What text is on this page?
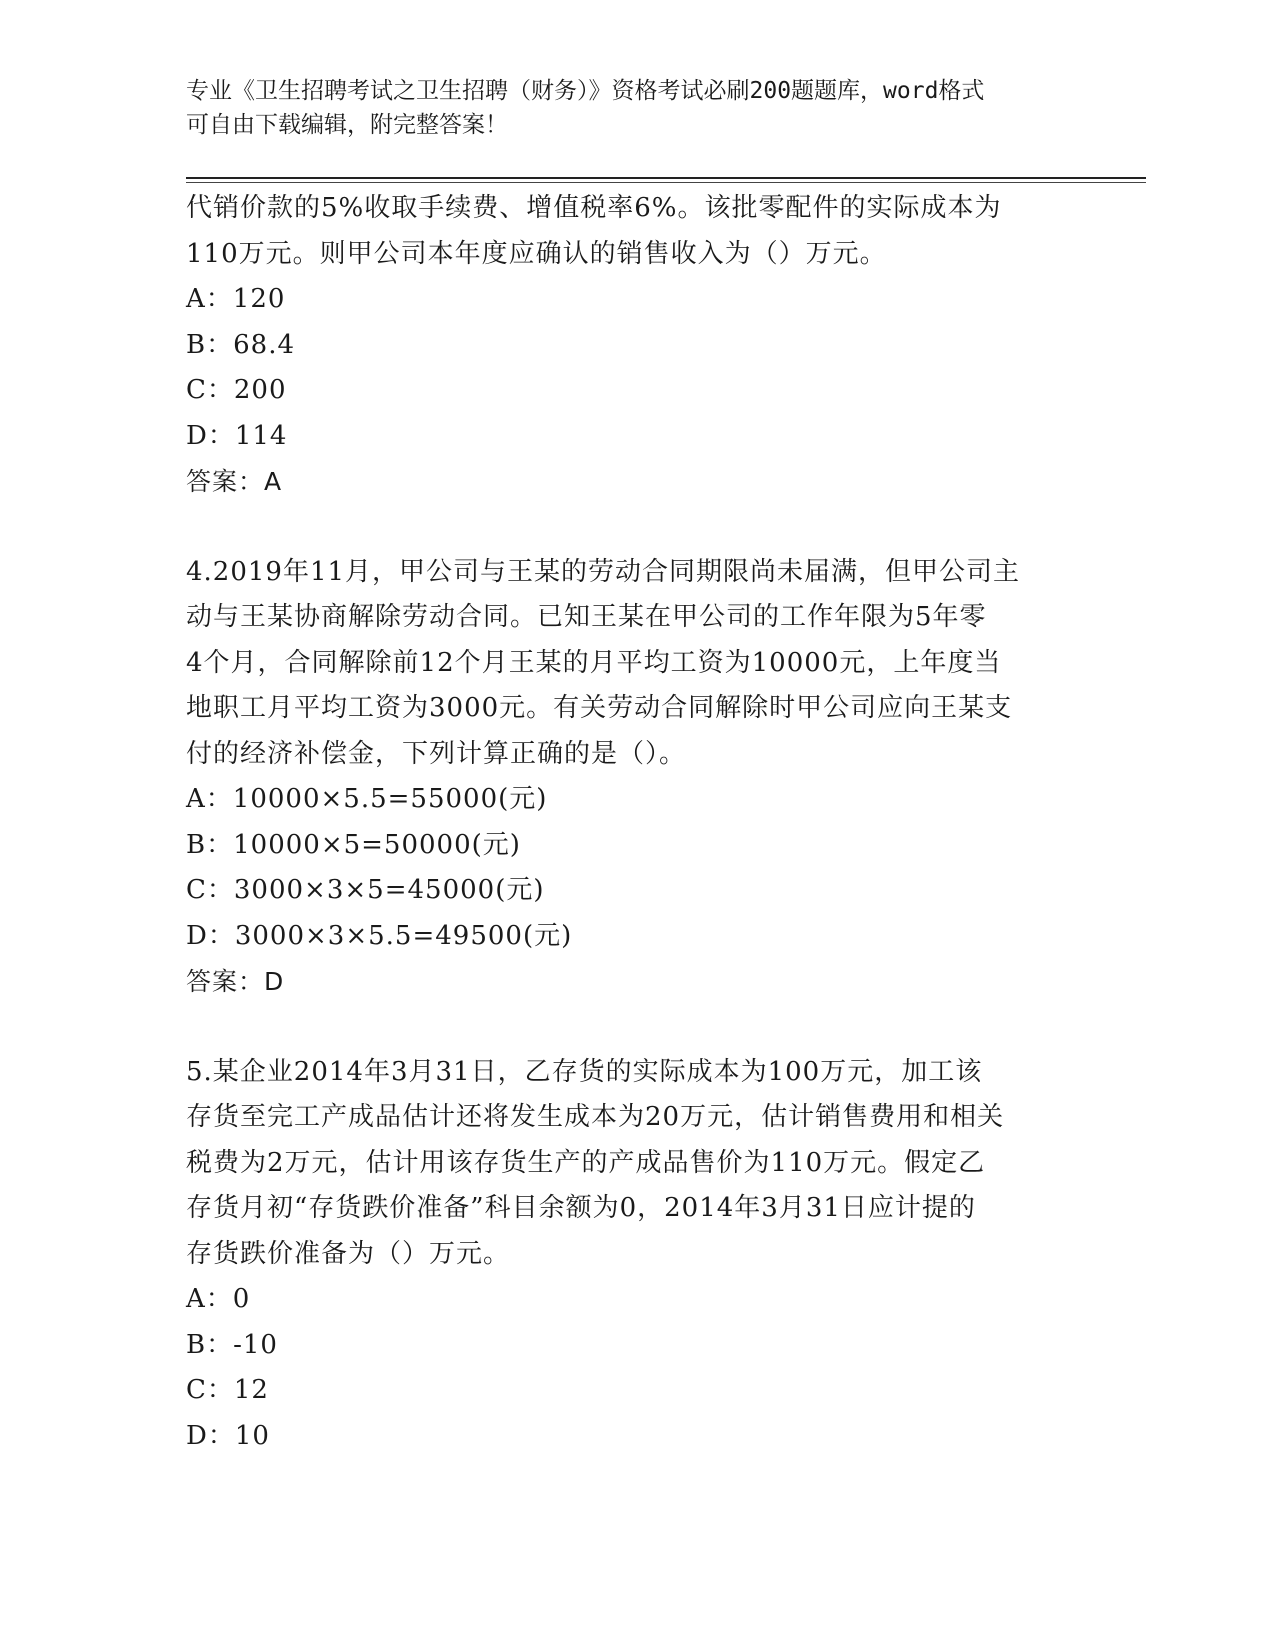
专业《卫生招聘考试之卫生招聘（财务）》资格考试必刷200题题库，word格式
可自由下载编辑，附完整答案！
代销价款的5%收取手续费、增值税率6%。该批零配件的实际成本为
110万元。则甲公司本年度应确认的销售收入为（）万元。
A：120
B：68.4
C：200
D：114
答案：A
4.2019年11月，甲公司与王某的劳动合同期限尚未届满，但甲公司主
动与王某协商解除劳动合同。已知王某在甲公司的工作年限为5年零
4个月，合同解除前12个月王某的月平均工资为10000元，上年度当
地职工月平均工资为3000元。有关劳动合同解除时甲公司应向王某支
付的经济补偿金，下列计算正确的是（）。
A：10000×5.5=55000(元)
B：10000×5=50000(元)
C：3000×3×5=45000(元)
D：3000×3×5.5=49500(元)
答案：D
5.某企业2014年3月31日，乙存货的实际成本为100万元，加工该
存货至完工产成品估计还将发生成本为20万元，估计销售费用和相关
税费为2万元，估计用该存货生产的产成品售价为110万元。假定乙
存货月初“存货跌价准备”科目余额为0，2014年3月31日应计提的
存货跌价准备为（）万元。
A：0
B：-10
C：12
D：10
